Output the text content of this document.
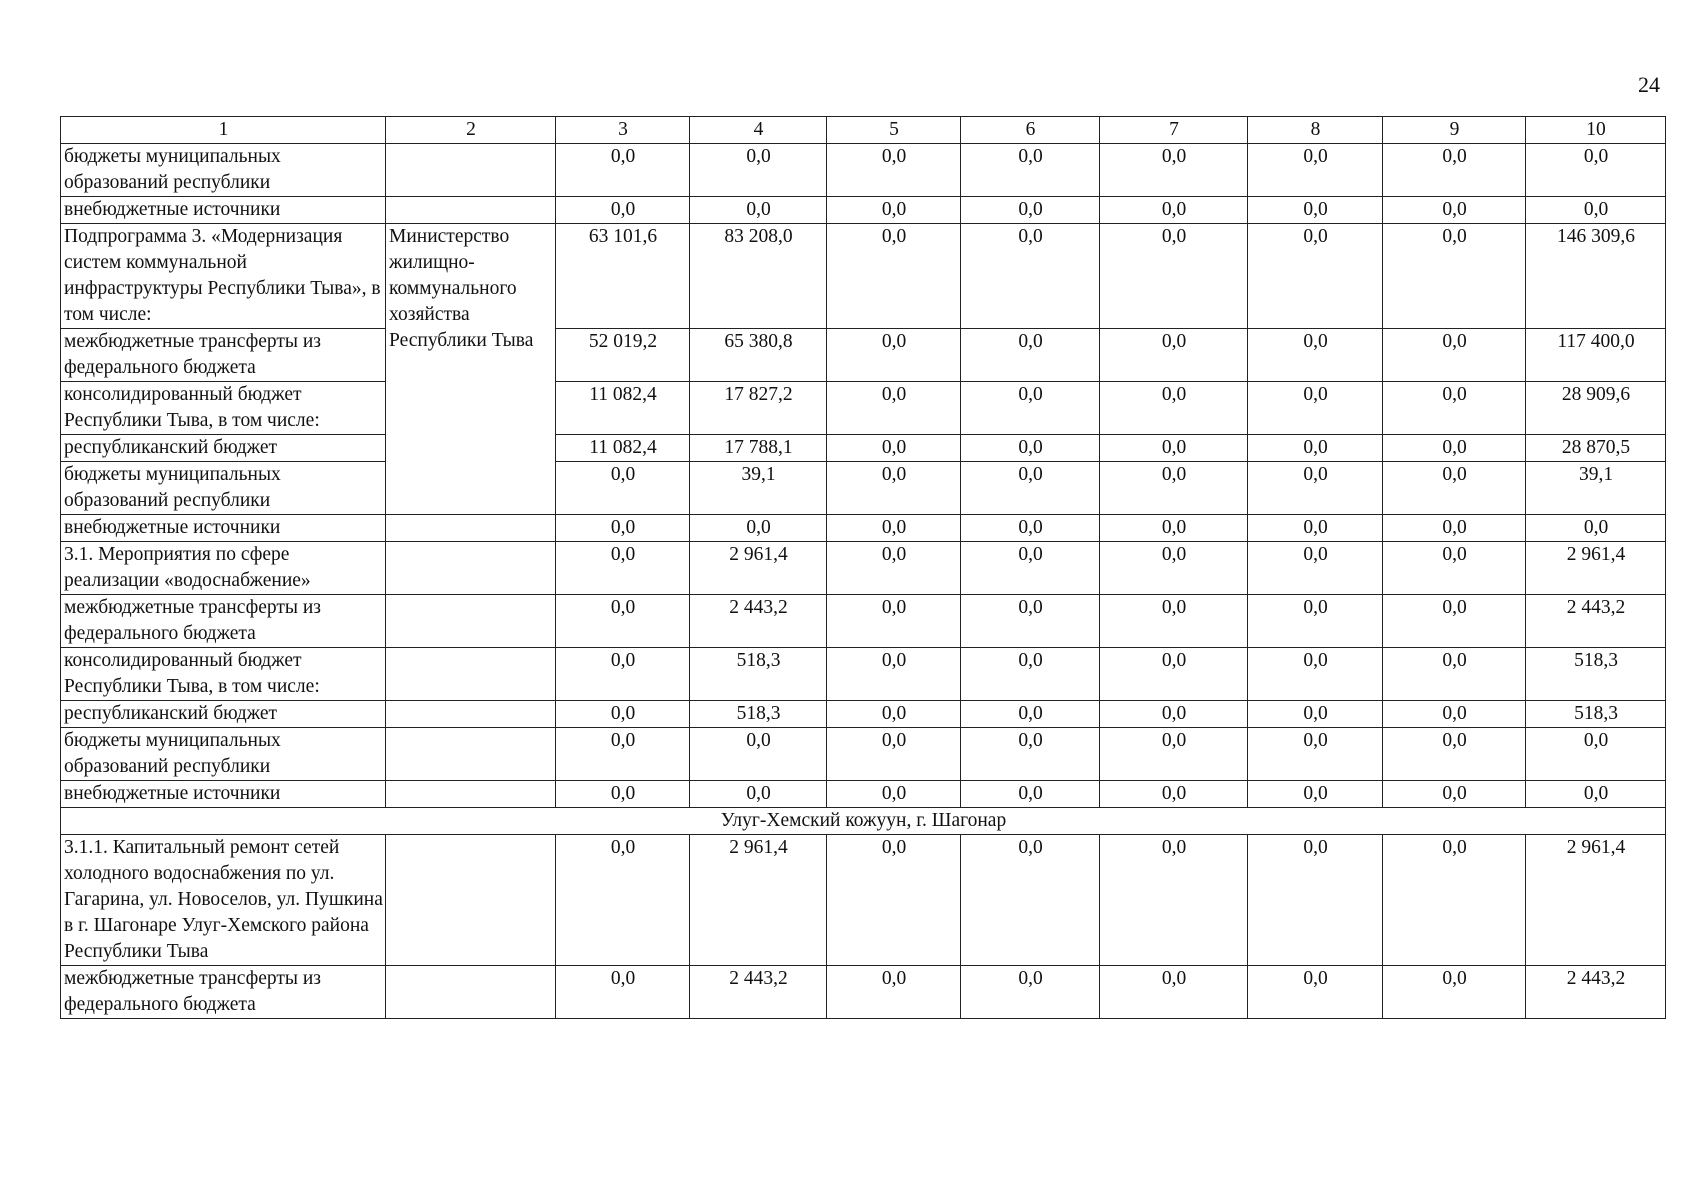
24
1	2	3	4	5	6	7	8	9	10
бюджеты муниципальных образований республики		0,0	0,0	0,0	0,0	0,0	0,0	0,0	0,0
внебюджетные источники		0,0	0,0	0,0	0,0	0,0	0,0	0,0	0,0
Подпрограмма 3. «Модернизация систем коммунальной инфраструктуры Республики Тыва», в том числе:	Министерство жилищно-коммунального хозяйства Республики Тыва	63 101,6	83 208,0	0,0	0,0	0,0	0,0	0,0	146 309,6
межбюджетные трансферты из федерального бюджета		52 019,2	65 380,8	0,0	0,0	0,0	0,0	0,0	117 400,0
консолидированный бюджет Республики Тыва, в том числе:		11 082,4	17 827,2	0,0	0,0	0,0	0,0	0,0	28 909,6
республиканский бюджет		11 082,4	17 788,1	0,0	0,0	0,0	0,0	0,0	28 870,5
бюджеты муниципальных образований республики		0,0	39,1	0,0	0,0	0,0	0,0	0,0	39,1
внебюджетные источники		0,0	0,0	0,0	0,0	0,0	0,0	0,0	0,0
3.1. Мероприятия по сфере реализации «водоснабжение»		0,0	2 961,4	0,0	0,0	0,0	0,0	0,0	2 961,4
межбюджетные трансферты из федерального бюджета		0,0	2 443,2	0,0	0,0	0,0	0,0	0,0	2 443,2
консолидированный бюджет Республики Тыва, в том числе:		0,0	518,3	0,0	0,0	0,0	0,0	0,0	518,3
республиканский бюджет		0,0	518,3	0,0	0,0	0,0	0,0	0,0	518,3
бюджеты муниципальных образований республики		0,0	0,0	0,0	0,0	0,0	0,0	0,0	0,0
внебюджетные источники		0,0	0,0	0,0	0,0	0,0	0,0	0,0	0,0
Улуг-Хемский кожуун, г. Шагонар									
3.1.1. Капитальный ремонт сетей холодного водоснабжения по ул. Гагарина, ул. Новоселов, ул. Пушкина в г. Шагонаре Улуг-Хемского района Республики Тыва		0,0	2 961,4	0,0	0,0	0,0	0,0	0,0	2 961,4
межбюджетные трансферты из федерального бюджета		0,0	2 443,2	0,0	0,0	0,0	0,0	0,0	2 443,2
